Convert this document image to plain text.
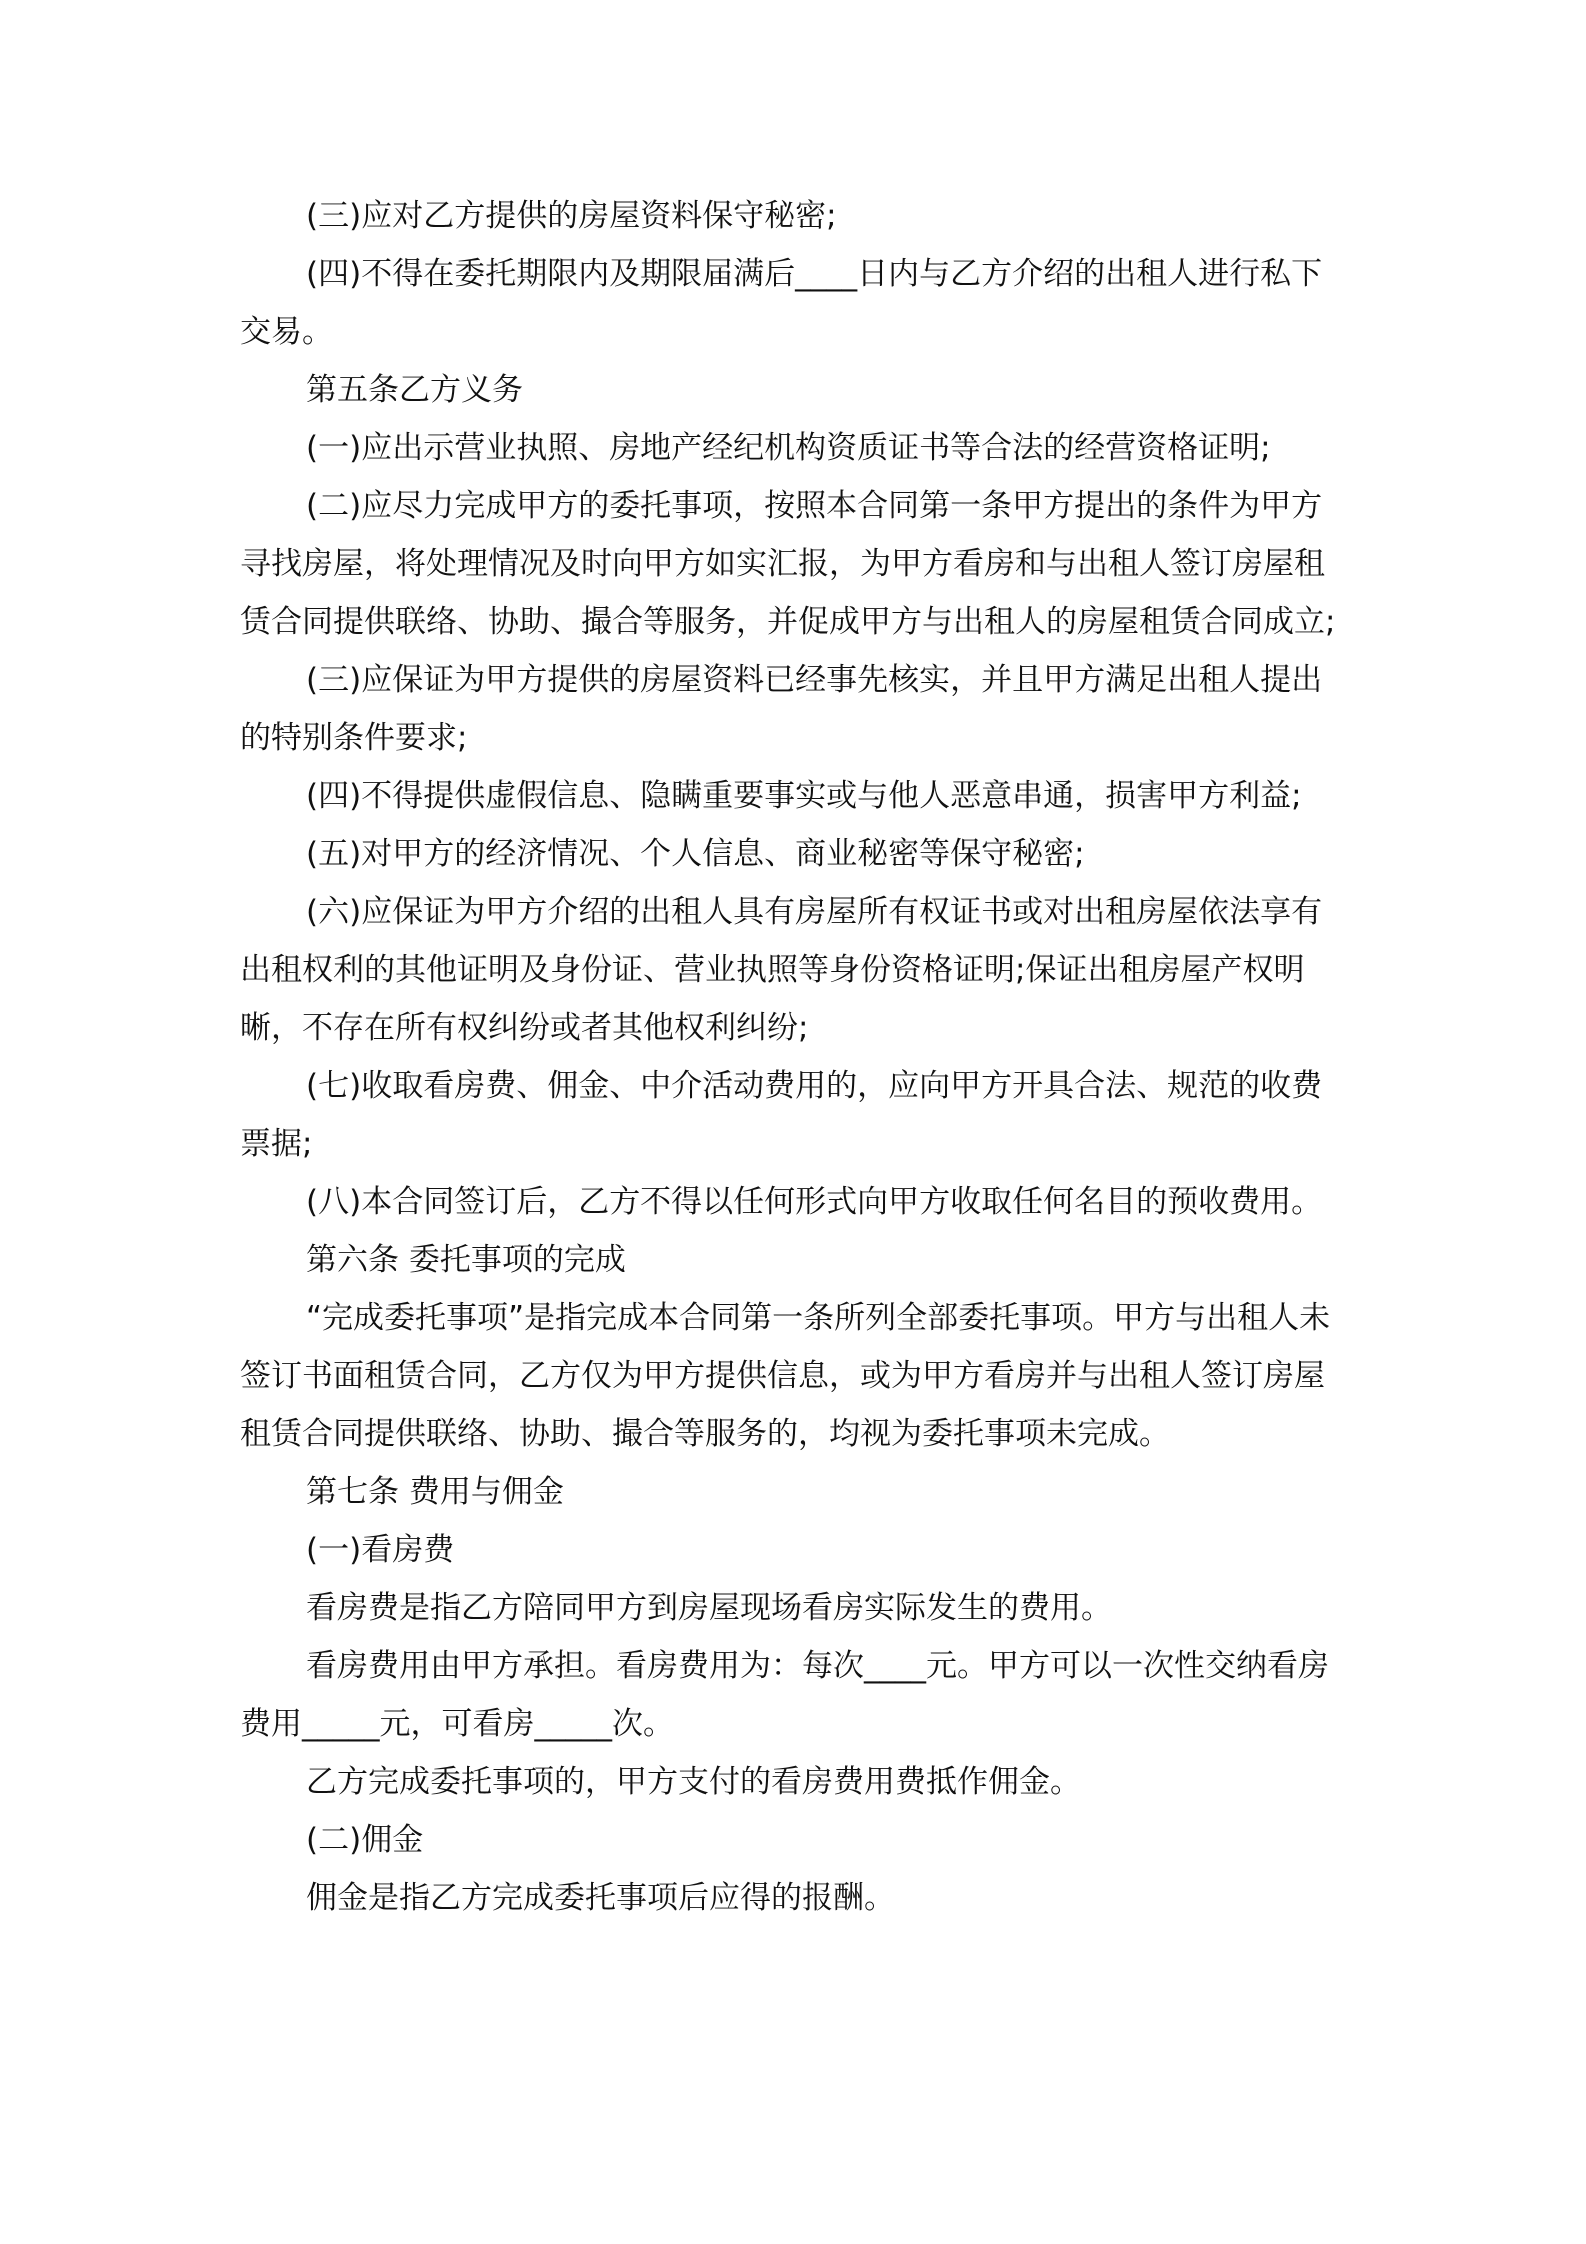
(三)应对乙方提供的房屋资料保守秘密;

(四)不得在委托期限内及期限届满后____日内与乙方介绍的出租人进行私下交易。

第五条乙方义务

(一)应出示营业执照、房地产经纪机构资质证书等合法的经营资格证明;

(二)应尽力完成甲方的委托事项，按照本合同第一条甲方提出的条件为甲方寻找房屋，将处理情况及时向甲方如实汇报，为甲方看房和与出租人签订房屋租赁合同提供联络、协助、撮合等服务，并促成甲方与出租人的房屋租赁合同成立;

(三)应保证为甲方提供的房屋资料已经事先核实，并且甲方满足出租人提出的特别条件要求;

(四)不得提供虚假信息、隐瞒重要事实或与他人恶意串通，损害甲方利益;

(五)对甲方的经济情况、个人信息、商业秘密等保守秘密;

(六)应保证为甲方介绍的出租人具有房屋所有权证书或对出租房屋依法享有出租权利的其他证明及身份证、营业执照等身份资格证明;保证出租房屋产权明晰，不存在所有权纠纷或者其他权利纠纷;

(七)收取看房费、佣金、中介活动费用的，应向甲方开具合法、规范的收费票据;

(八)本合同签订后，乙方不得以任何形式向甲方收取任何名目的预收费用。

第六条 委托事项的完成

“完成委托事项”是指完成本合同第一条所列全部委托事项。甲方与出租人未签订书面租赁合同，乙方仅为甲方提供信息，或为甲方看房并与出租人签订房屋租赁合同提供联络、协助、撮合等服务的，均视为委托事项未完成。

第七条 费用与佣金

(一)看房费

看房费是指乙方陪同甲方到房屋现场看房实际发生的费用。

看房费用由甲方承担。看房费用为：每次____元。甲方可以一次性交纳看房费用_____元，可看房_____次。

乙方完成委托事项的，甲方支付的看房费用费抵作佣金。

(二)佣金

佣金是指乙方完成委托事项后应得的报酬。
